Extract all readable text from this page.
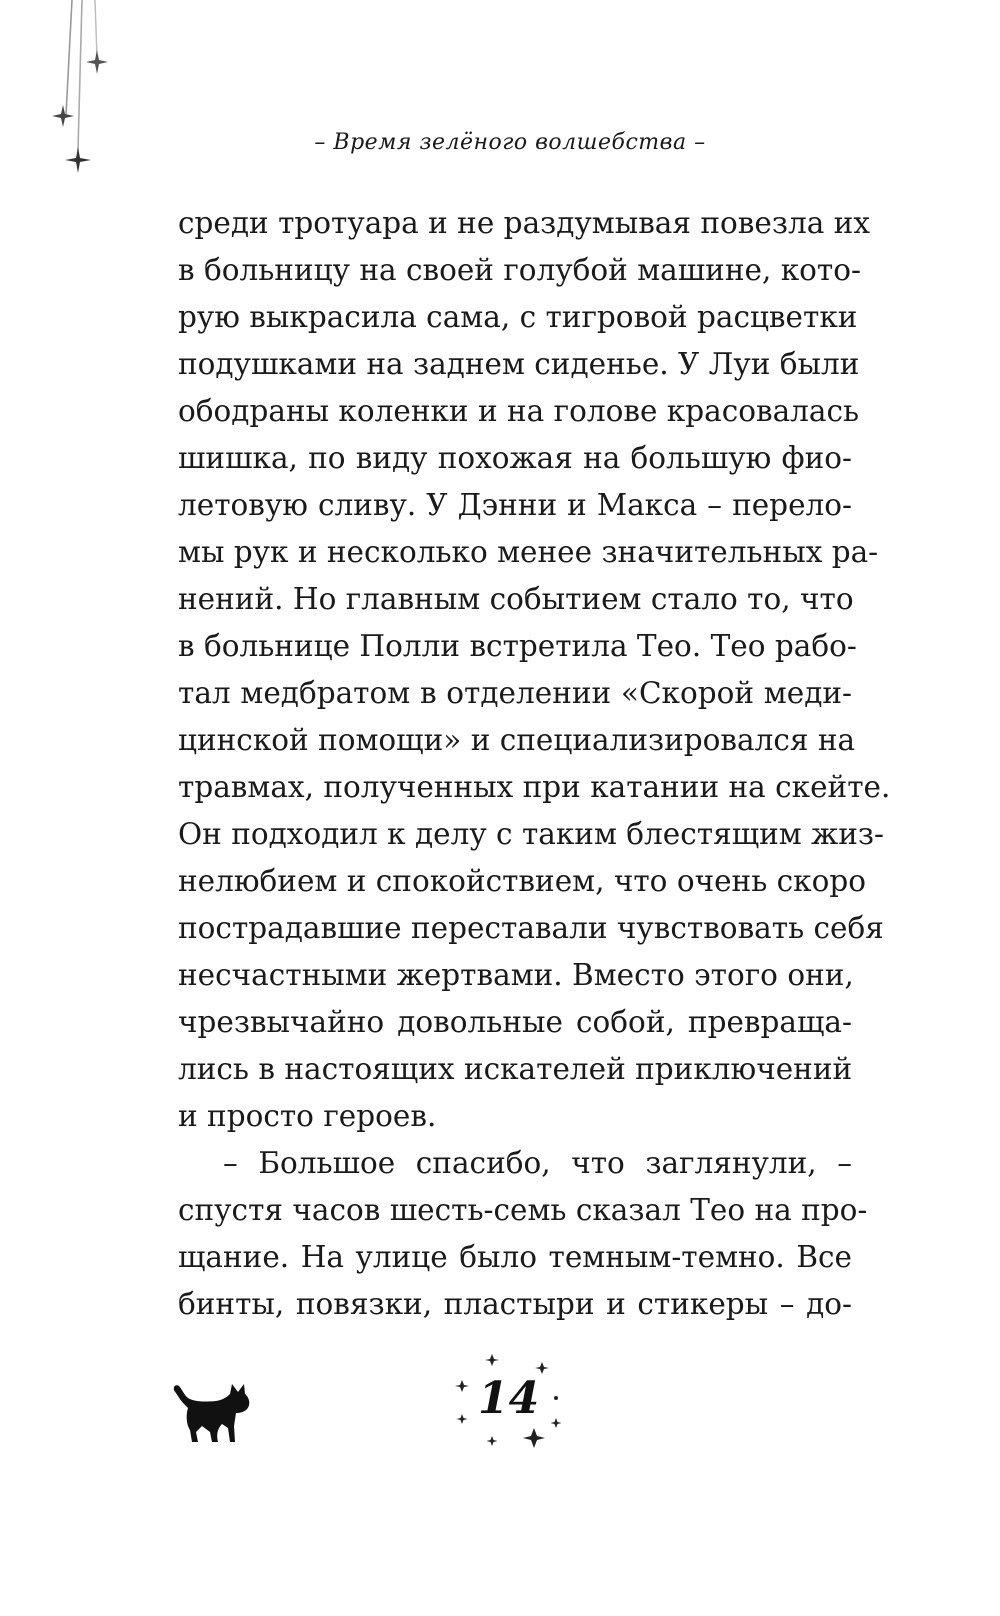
– Время зелёного волшебства –
среди тротуара и не раздумывая повезла их
в больницу на своей голубой машине, кото-
рую выкрасила сама, с тигровой расцветки
подушками на заднем сиденье. У Луи были
ободраны коленки и на голове красовалась
шишка, по виду похожая на большую фио-
летовую сливу. У Дэнни и Макса – перело-
мы рук и несколько менее значительных ра-
нений. Но главным событием стало то, что
в больнице Полли встретила Тео. Тео рабо-
тал медбратом в отделении «Скорой меди-
цинской помощи» и специализировался на
травмах, полученных при катании на скейте.
Он подходил к делу с таким блестящим жиз-
нелюбием и спокойствием, что очень скоро
пострадавшие переставали чувствовать себя
несчастными жертвами. Вместо этого они,
чрезвычайно довольные собой, превраща-
лись в настоящих искателей приключений
и просто героев.
– Большое спасибо, что заглянули, –
спустя часов шесть-семь сказал Тео на про-
щание. На улице было темным-темно. Все
бинты, повязки, пластыри и стикеры – до-
14
